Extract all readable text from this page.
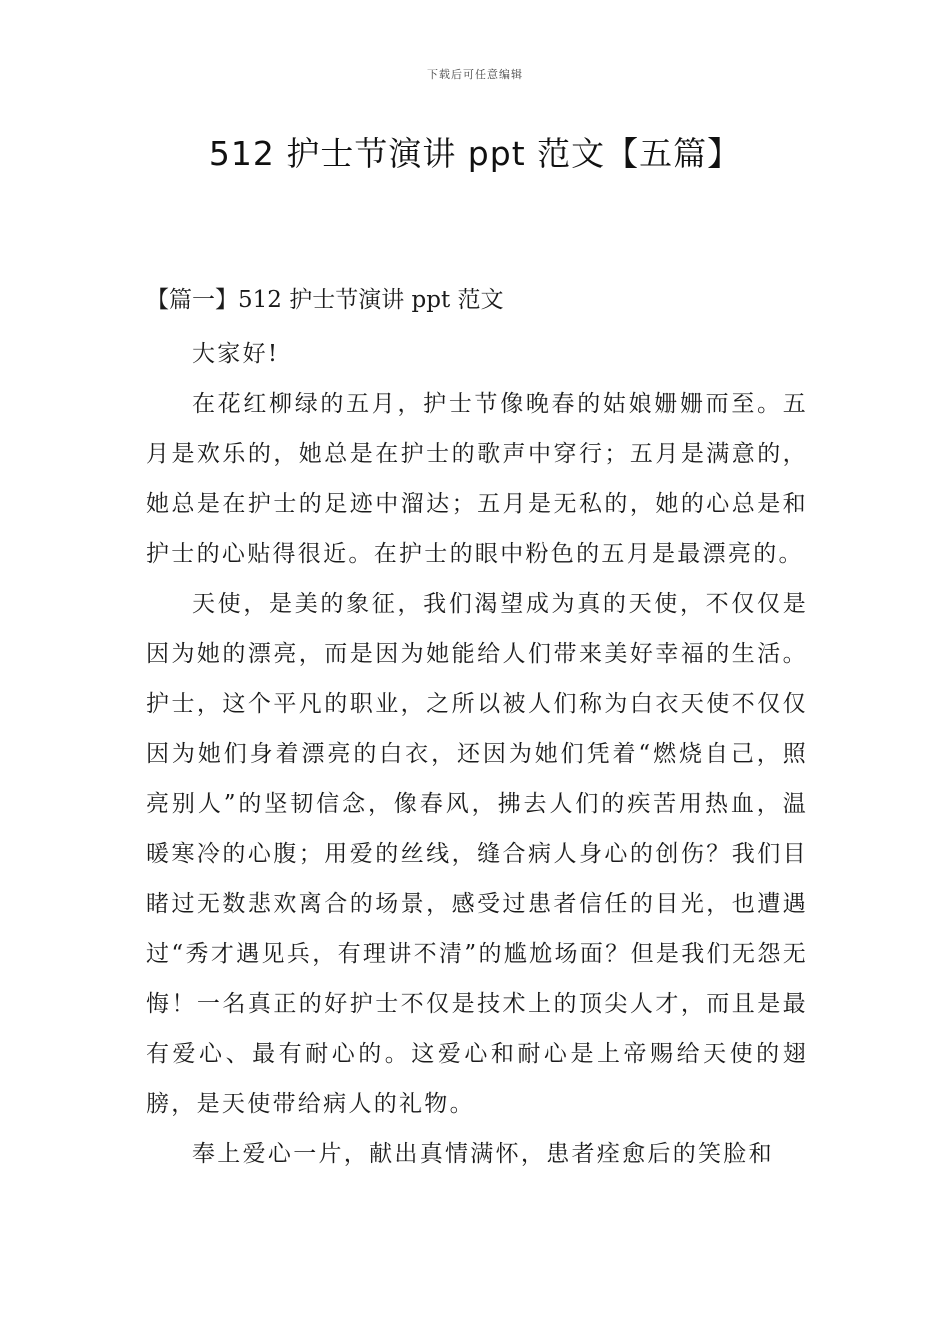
下载后可任意编辑
512 护士节演讲 ppt 范文【五篇】
【篇一】512 护士节演讲 ppt 范文

大家好!

在花红柳绿的五月，护士节像晚春的姑娘姗姗而至。五月是欢乐的，她总是在护士的歌声中穿行；五月是满意的，她总是在护士的足迹中溜达；五月是无私的，她的心总是和护士的心贴得很近。在护士的眼中粉色的五月是最漂亮的。

天使，是美的象征，我们渴望成为真的天使，不仅仅是因为她的漂亮，而是因为她能给人们带来美好幸福的生活。护士，这个平凡的职业，之所以被人们称为白衣天使不仅仅因为她们身着漂亮的白衣，还因为她们凭着“燃烧自己，照亮别人”的坚韧信念，像春风，拂去人们的疾苦用热血，温暖寒冷的心腹；用爱的丝线，缝合病人身心的创伤？我们目睹过无数悲欢离合的场景，感受过患者信任的目光，也遭遇过“秀才遇见兵，有理讲不清”的尴尬场面？但是我们无怨无悔！一名真正的好护士不仅是技术上的顶尖人才，而且是最有爱心、最有耐心的。这爱心和耐心是上帝赐给天使的翅膀，是天使带给病人的礼物。

奉上爱心一片，献出真情满怀，患者痊愈后的笑脸和
